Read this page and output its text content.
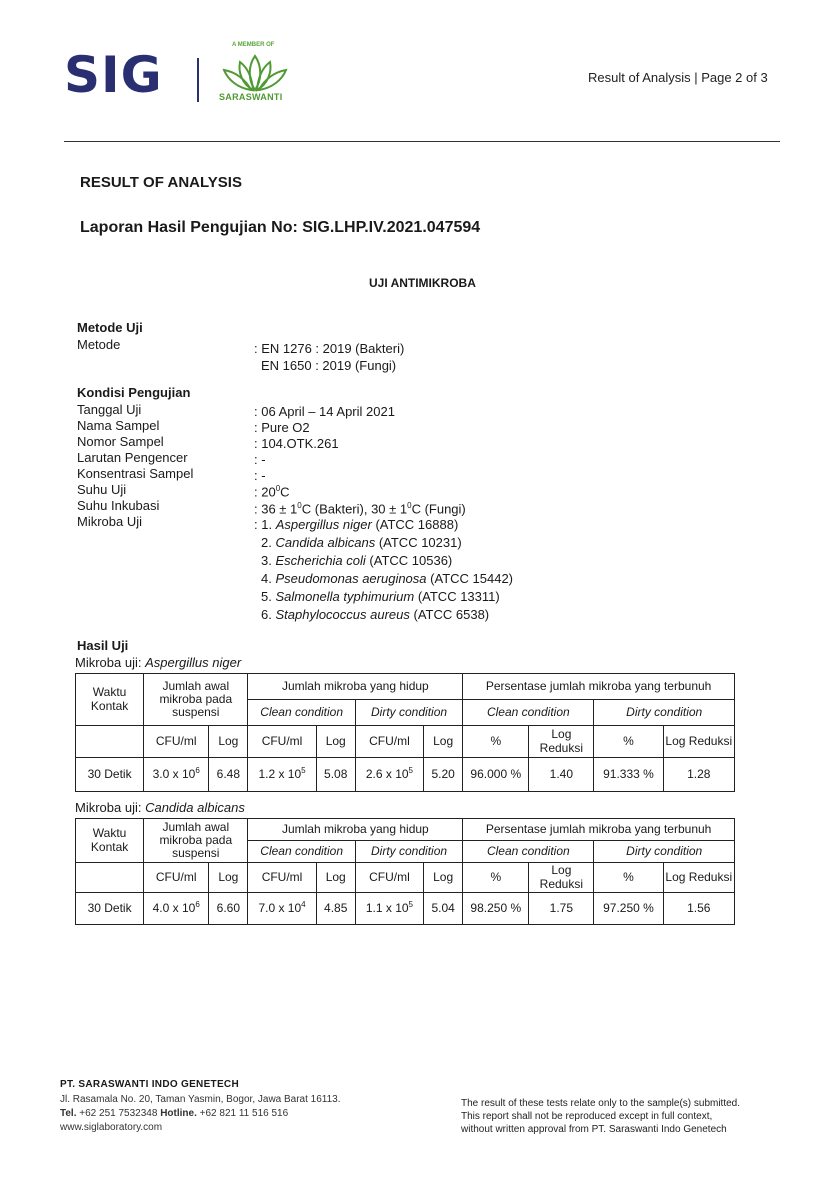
SIG
A MEMBER OF
SARASWANTI
Result of Analysis | Page 2 of 3
RESULT OF ANALYSIS
Laporan Hasil Pengujian No: SIG.LHP.IV.2021.047594
UJI ANTIMIKROBA
Metode Uji
Metode	: EN 1276 : 2019 (Bakteri)
EN 1650 : 2019 (Fungi)
Kondisi Pengujian
Tanggal Uji	: 06 April – 14 April 2021
Nama Sampel	: Pure O2
Nomor Sampel	: 104.OTK.261
Larutan Pengencer	: -
Konsentrasi Sampel	: -
Suhu Uji	: $20^0C$
Suhu Inkubasi	: $36 \pm 1^0C$ (Bakteri), $30 \pm 1^0C$ (Fungi)
Mikroba Uji	: 1. Aspergillus niger (ATCC 16888)
2. Candida albicans (ATCC 10231)
3. Escherichia coli (ATCC 10536)
4. Pseudomonas aeruginosa (ATCC 15442)
5. Salmonella typhimurium (ATCC 13311)
6. Staphylococcus aureus (ATCC 6538)
Hasil Uji
Mikroba uji: Aspergillus niger
Waktu Kontak	Jumlah awal mikroba pada suspensi		Jumlah mikroba yang hidup				Persentase jumlah mikroba yang terbunuh			
			Clean condition		Dirty condition		Clean condition		Dirty condition	
	CFU/ml	Log	CFU/ml	Log	CFU/ml	Log	%	Log Reduksi	%	Log Reduksi
30 Detik	3.0 x $10^6$	6.48	1.2 x $10^5$	5.08	2.6 x $10^5$	5.20	96.000 %	1.40	91.333 %	1.28
Mikroba uji: Candida albicans
Waktu Kontak	Jumlah awal mikroba pada suspensi		Jumlah mikroba yang hidup				Persentase jumlah mikroba yang terbunuh			
			Clean condition		Dirty condition		Clean condition		Dirty condition	
	CFU/ml	Log	CFU/ml	Log	CFU/ml	Log	%	Log Reduksi	%	Log Reduksi
30 Detik	4.0 x $10^6$	6.60	7.0 x $10^4$	4.85	1.1 x $10^5$	5.04	98.250 %	1.75	97.250 %	1.56
PT. SARASWANTI INDO GENETECH
Jl. Rasamala No. 20, Taman Yasmin, Bogor, Jawa Barat 16113.
Tel. +62 251 7532348 Hotline. +62 821 11 516 516
www.siglaboratory.com
The result of these tests relate only to the sample(s) submitted.
This report shall not be reproduced except in full context,
without written approval from PT. Saraswanti Indo Genetech
